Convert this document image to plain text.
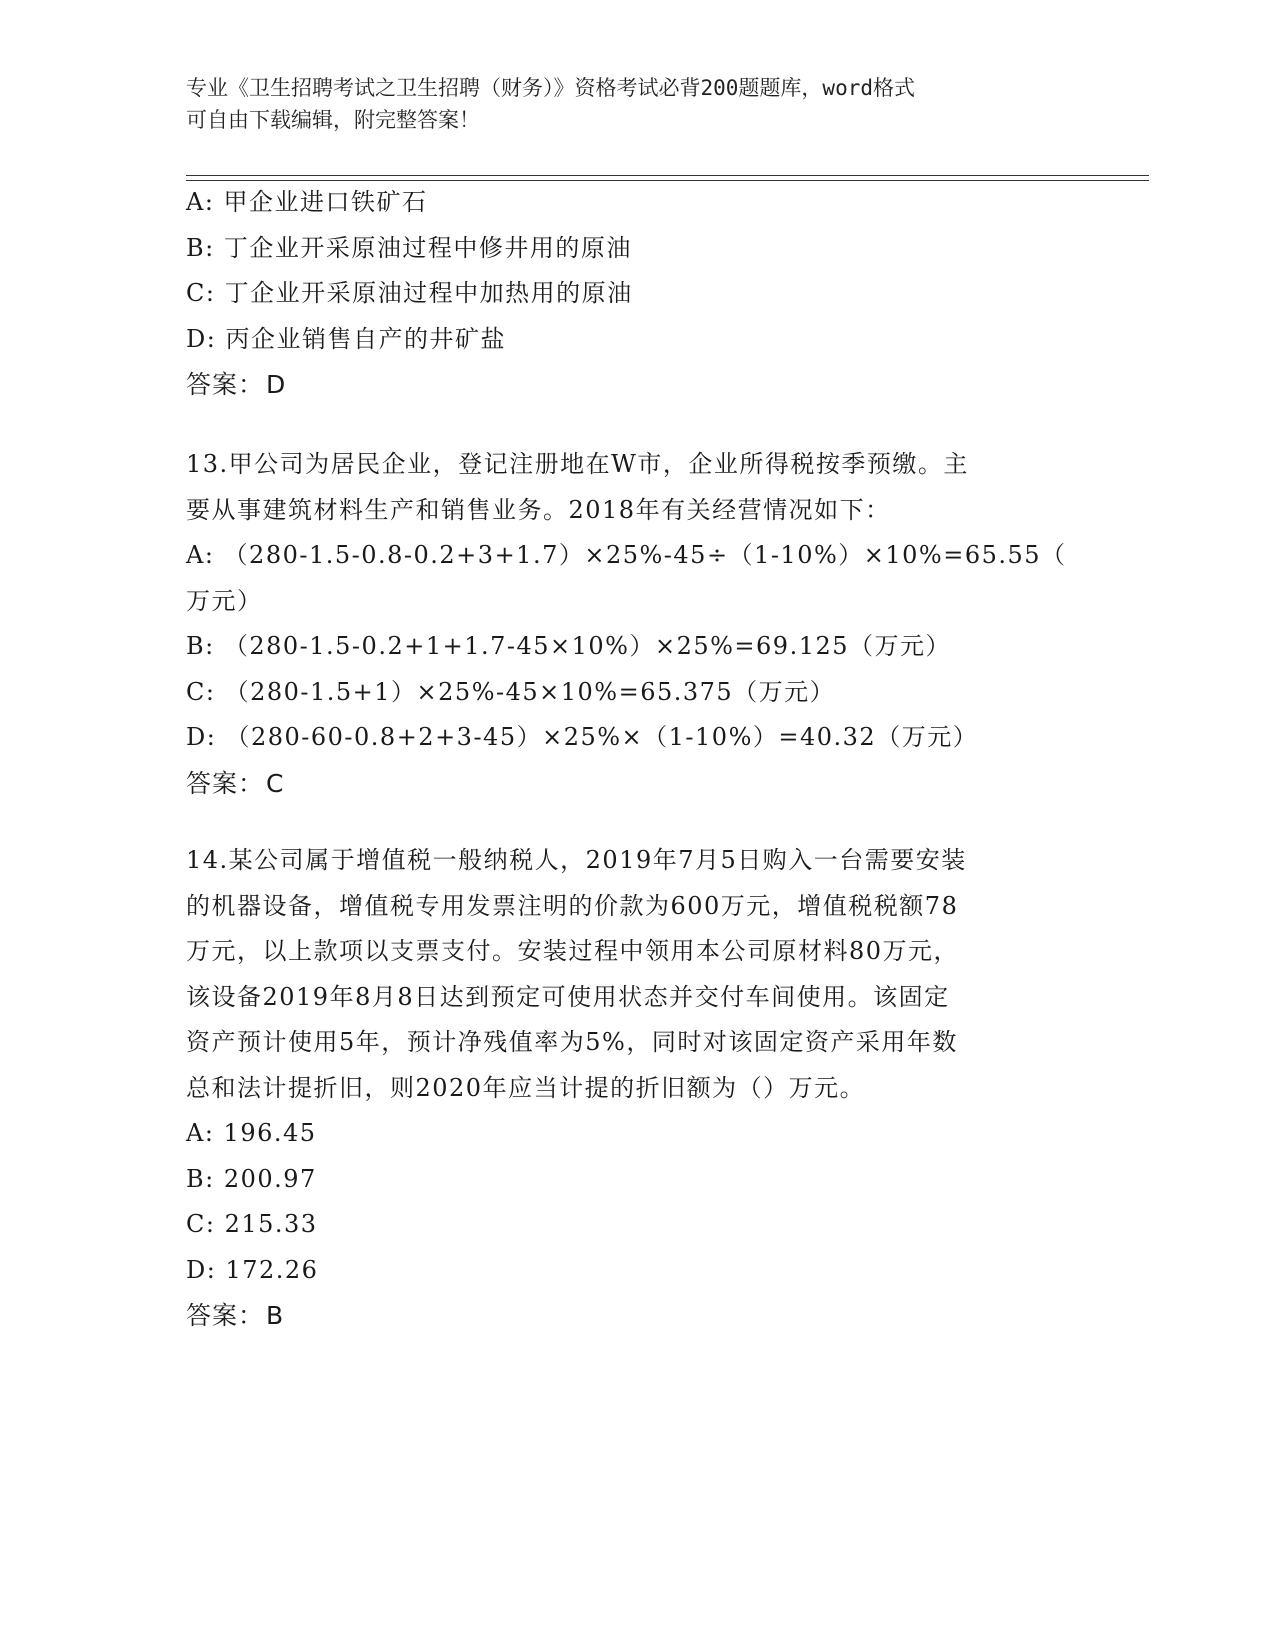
专业《卫生招聘考试之卫生招聘（财务）》资格考试必背200题题库，word格式
可自由下载编辑，附完整答案！
A: 甲企业进口铁矿石
B: 丁企业开采原油过程中修井用的原油
C: 丁企业开采原油过程中加热用的原油
D: 丙企业销售自产的井矿盐
答案：D
13.甲公司为居民企业，登记注册地在W市，企业所得税按季预缴。主
要从事建筑材料生产和销售业务。2018年有关经营情况如下：
A: （280-1.5-0.8-0.2+3+1.7）×25%-45÷（1-10%）×10%=65.55（
万元）
B: （280-1.5-0.2+1+1.7-45×10%）×25%=69.125（万元）
C: （280-1.5+1）×25%-45×10%=65.375（万元）
D: （280-60-0.8+2+3-45）×25%×（1-10%）=40.32（万元）
答案：C
14.某公司属于增值税一般纳税人，2019年7月5日购入一台需要安装
的机器设备，增值税专用发票注明的价款为600万元，增值税税额78
万元，以上款项以支票支付。安装过程中领用本公司原材料80万元，
该设备2019年8月8日达到预定可使用状态并交付车间使用。该固定
资产预计使用5年，预计净残值率为5%，同时对该固定资产采用年数
总和法计提折旧，则2020年应当计提的折旧额为（）万元。
A: 196.45
B: 200.97
C: 215.33
D: 172.26
答案：B
